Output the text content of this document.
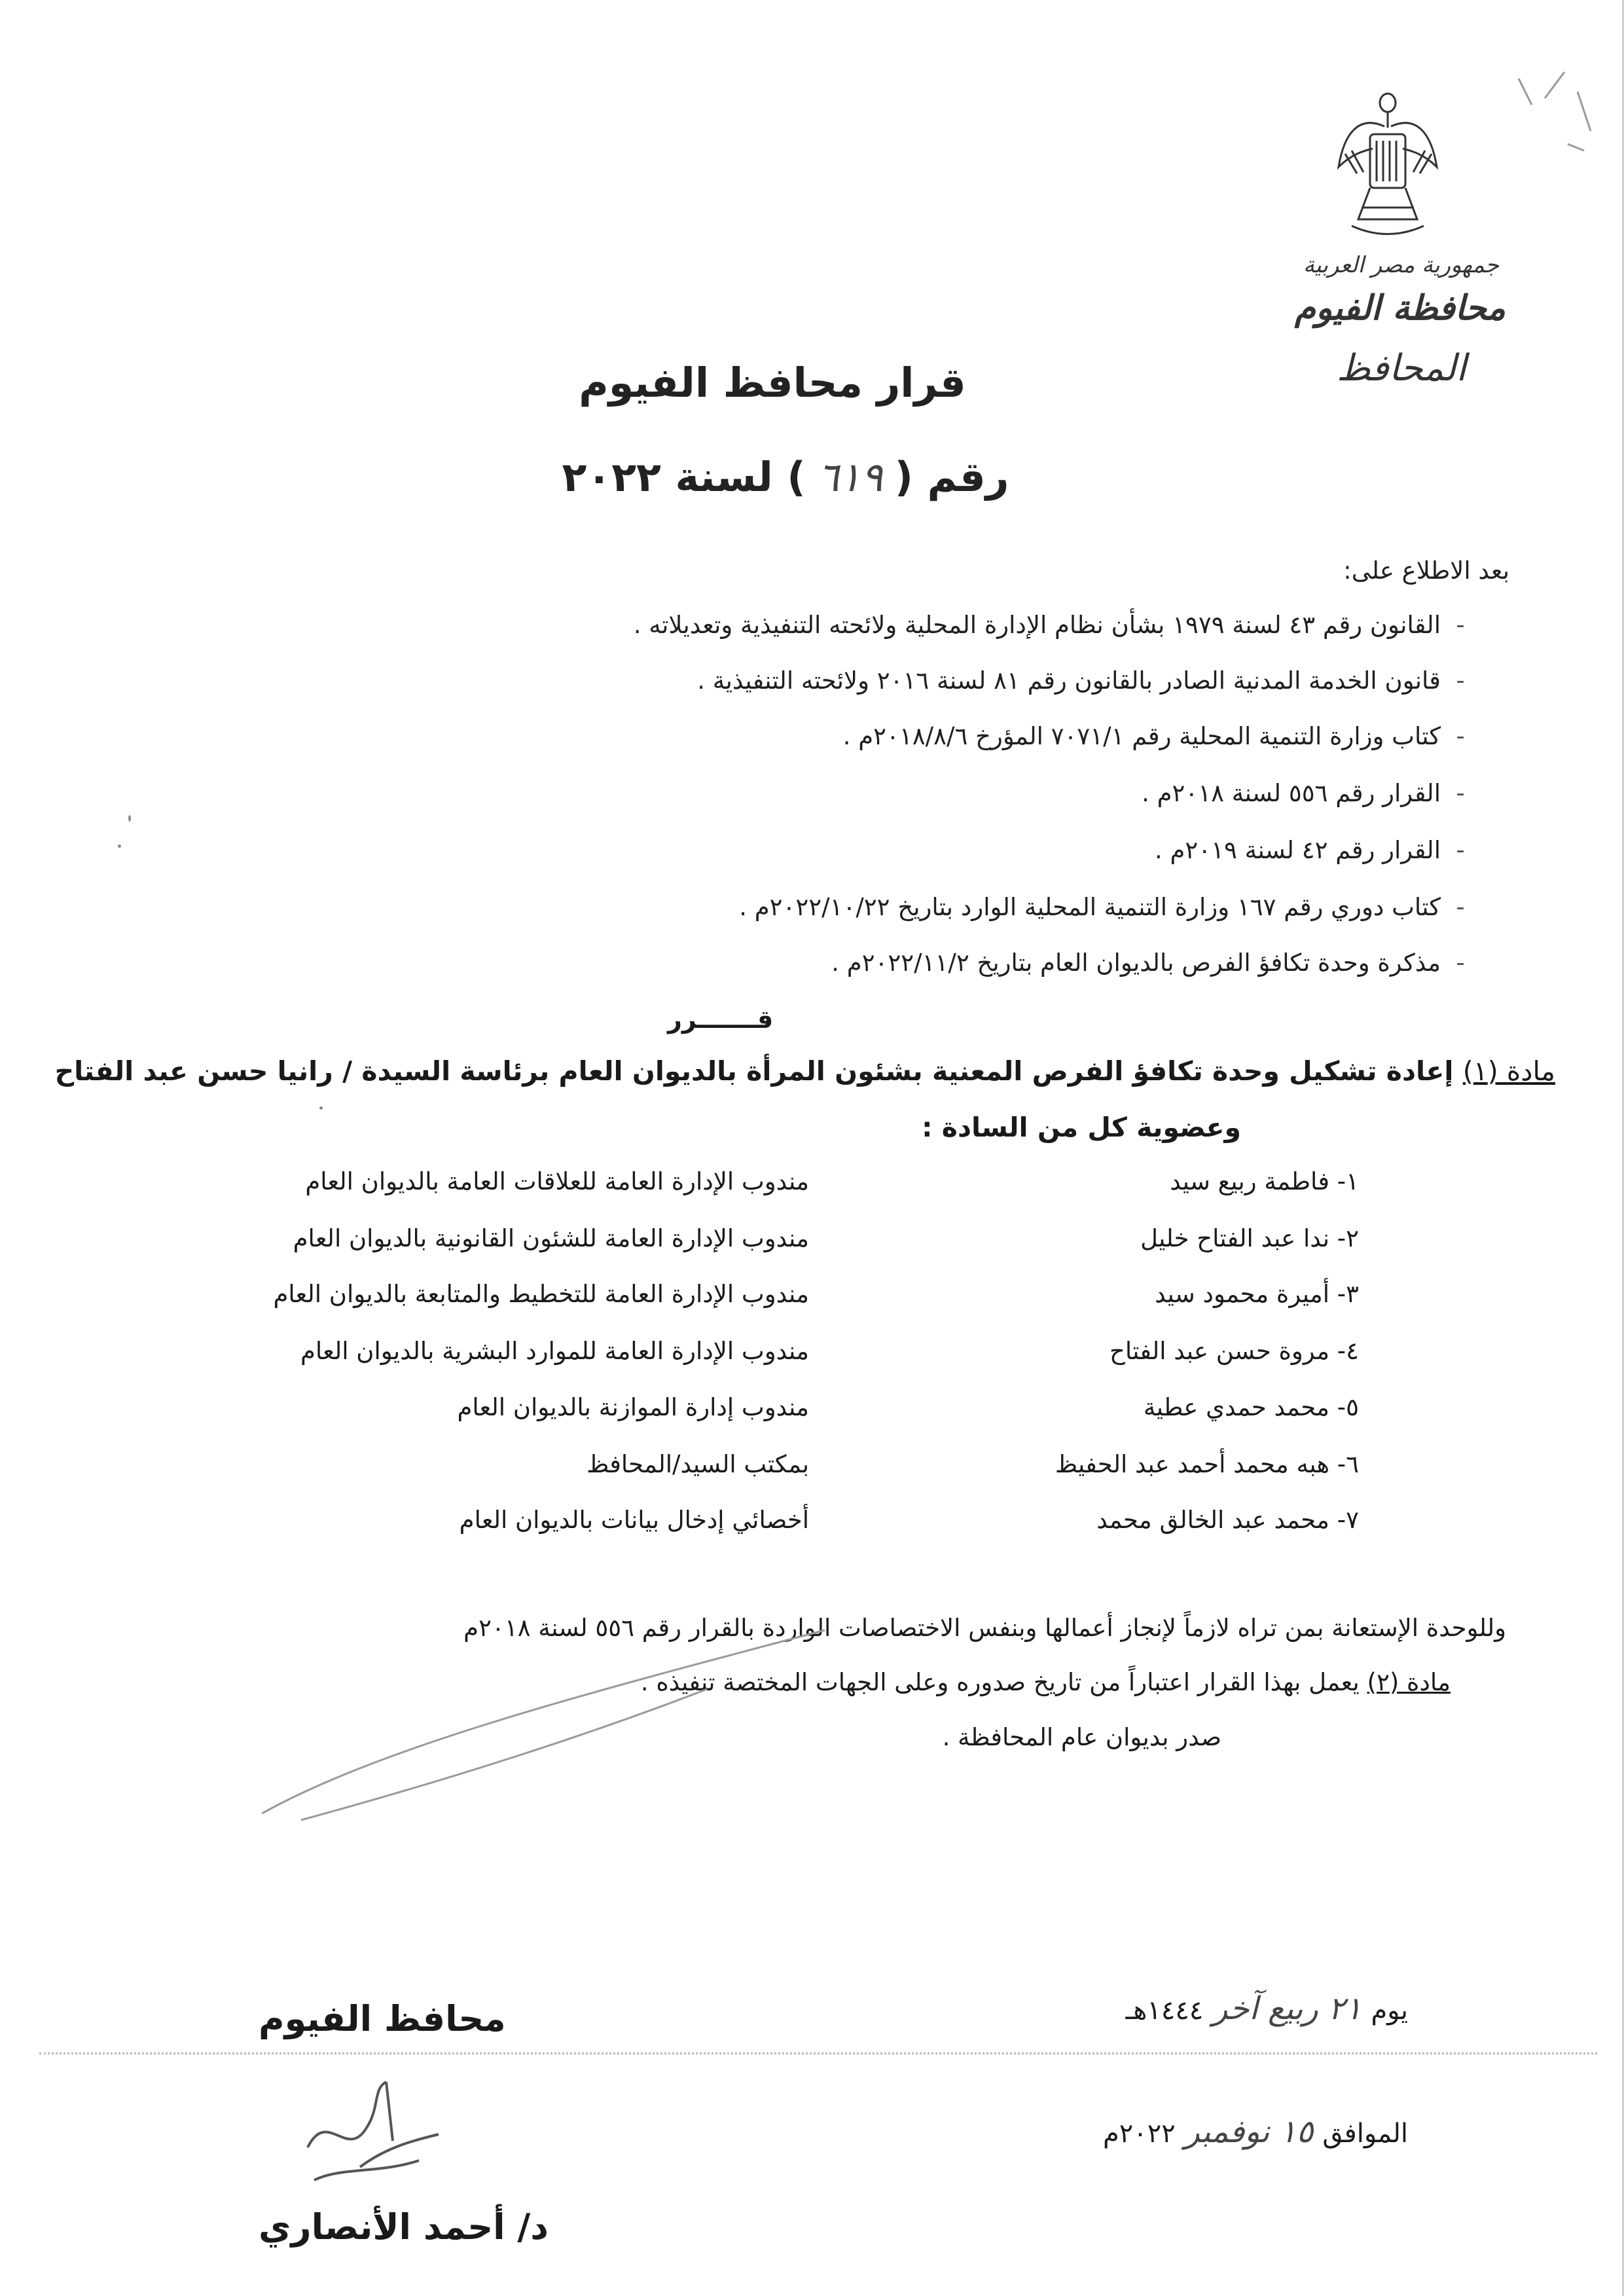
جمهورية مصر العربية
محافظة الفيوم
المحافظ
قرار محافظ الفيوم
رقم (٦١٩) لسنة ٢٠٢٢
بعد الاطلاع على:
-القانون رقم ٤٣ لسنة ١٩٧٩ بشأن نظام الإدارة المحلية ولائحته التنفيذية وتعديلاته .
-قانون الخدمة المدنية الصادر بالقانون رقم ٨١ لسنة ٢٠١٦ ولائحته التنفيذية .
-كتاب وزارة التنمية المحلية رقم ٧٠٧١/١ المؤرخ ٢٠١٨/٨/٦م .
-القرار رقم ٥٥٦ لسنة ٢٠١٨م .
-القرار رقم ٤٢ لسنة ٢٠١٩م .
-كتاب دوري رقم ١٦٧ وزارة التنمية المحلية الوارد بتاريخ ٢٠٢٢/١٠/٢٢م .
-مذكرة وحدة تكافؤ الفرص بالديوان العام بتاريخ ٢٠٢٢/١١/٢م .
قـــــــرر
مادة (١) إعادة تشكيل وحدة تكافؤ الفرص المعنية بشئون المرأة بالديوان العام برئاسة السيدة / رانيا حسن عبد الفتاح
وعضوية كل من السادة :
١- فاطمة ربيع سيد
مندوب الإدارة العامة للعلاقات العامة بالديوان العام
٢- ندا عبد الفتاح خليل
مندوب الإدارة العامة للشئون القانونية بالديوان العام
٣- أميرة محمود سيد
مندوب الإدارة العامة للتخطيط والمتابعة بالديوان العام
٤- مروة حسن عبد الفتاح
مندوب الإدارة العامة للموارد البشرية بالديوان العام
٥- محمد حمدي عطية
مندوب إدارة الموازنة بالديوان العام
٦- هبه محمد أحمد عبد الحفيظ
بمكتب السيد/المحافظ
٧- محمد عبد الخالق محمد
أخصائي إدخال بيانات بالديوان العام
وللوحدة الإستعانة بمن تراه لازماً لإنجاز أعمالها وبنفس الاختصاصات الواردة بالقرار رقم ٥٥٦ لسنة ٢٠١٨م
مادة (٢) يعمل بهذا القرار اعتباراً من تاريخ صدوره وعلى الجهات المختصة تنفيذه .
صدر بديوان عام المحافظة .
يوم٢١ ربيع آخر١٤٤٤هـ
الموافق١٥ نوفمبر٢٠٢٢م
محافظ الفيوم
د/ أحمد الأنصاري
